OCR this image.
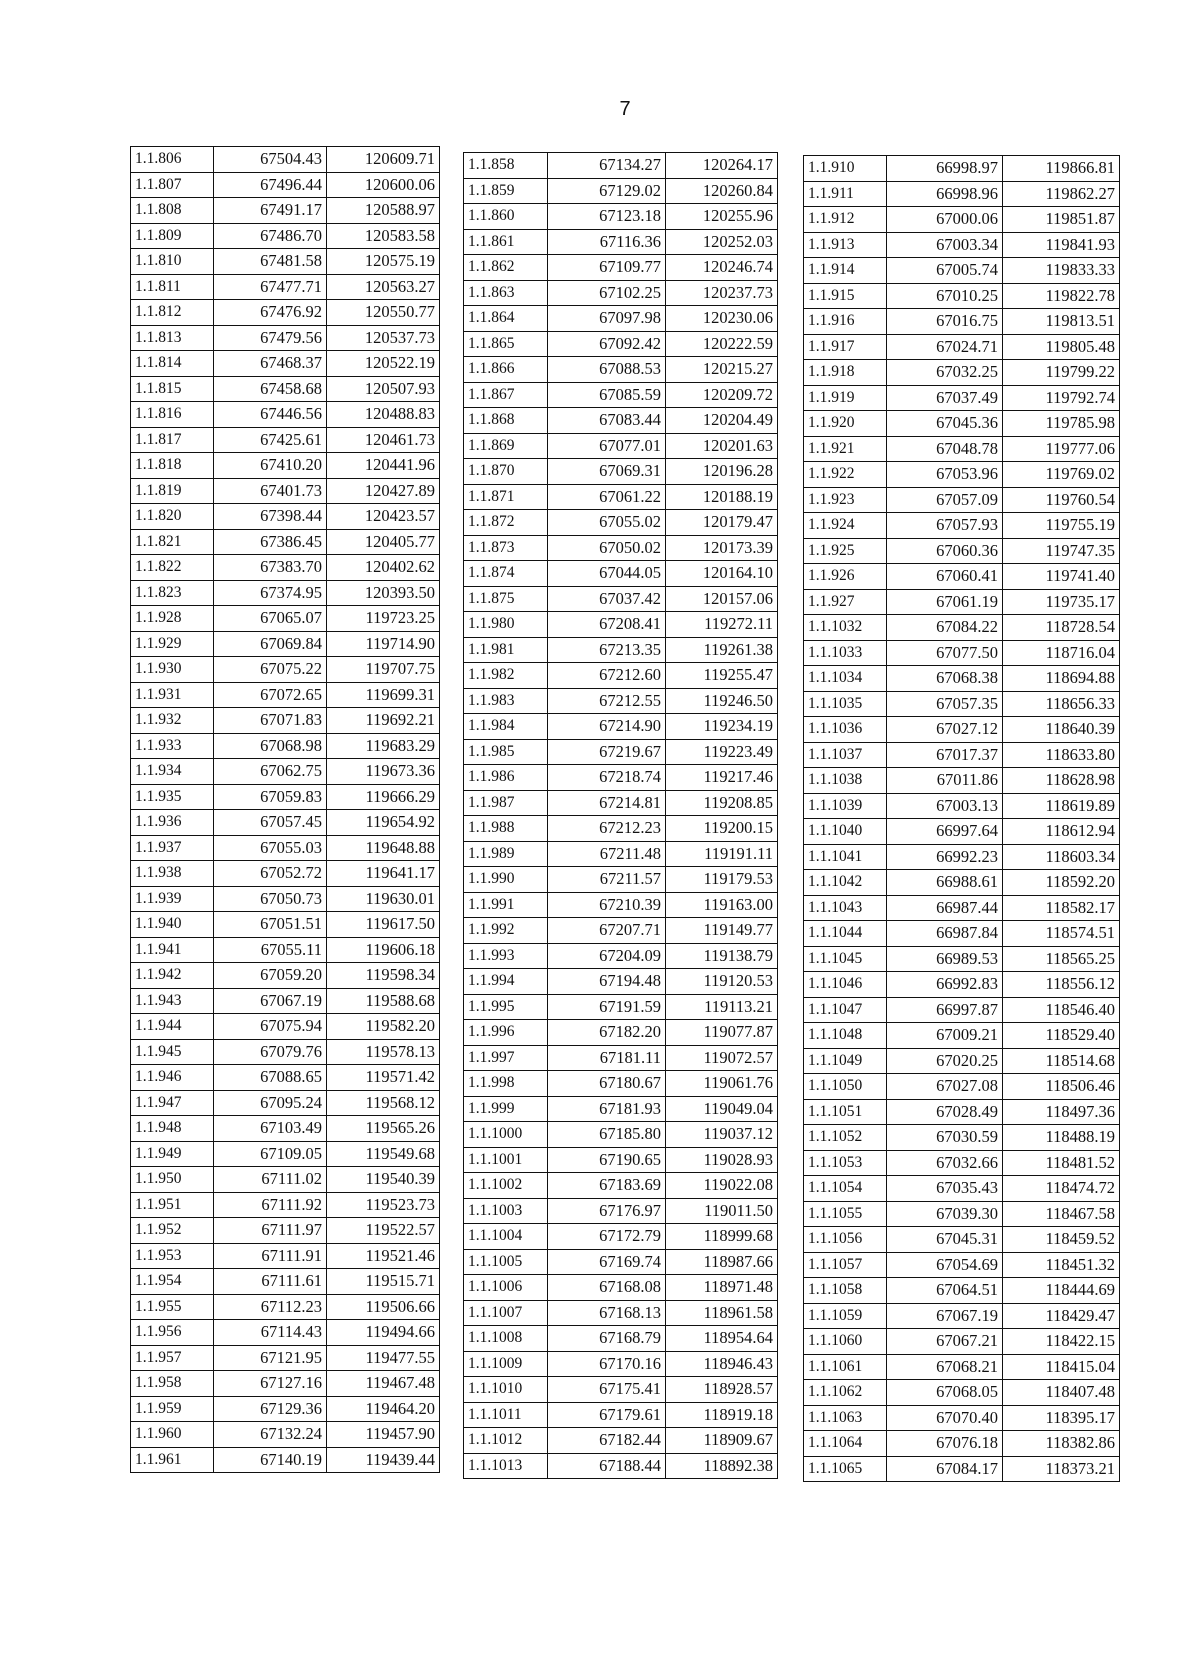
7
1.1.806	67504.43	120609.71
1.1.807	67496.44	120600.06
1.1.808	67491.17	120588.97
1.1.809	67486.70	120583.58
1.1.810	67481.58	120575.19
1.1.811	67477.71	120563.27
1.1.812	67476.92	120550.77
1.1.813	67479.56	120537.73
1.1.814	67468.37	120522.19
1.1.815	67458.68	120507.93
1.1.816	67446.56	120488.83
1.1.817	67425.61	120461.73
1.1.818	67410.20	120441.96
1.1.819	67401.73	120427.89
1.1.820	67398.44	120423.57
1.1.821	67386.45	120405.77
1.1.822	67383.70	120402.62
1.1.823	67374.95	120393.50
1.1.928	67065.07	119723.25
1.1.929	67069.84	119714.90
1.1.930	67075.22	119707.75
1.1.931	67072.65	119699.31
1.1.932	67071.83	119692.21
1.1.933	67068.98	119683.29
1.1.934	67062.75	119673.36
1.1.935	67059.83	119666.29
1.1.936	67057.45	119654.92
1.1.937	67055.03	119648.88
1.1.938	67052.72	119641.17
1.1.939	67050.73	119630.01
1.1.940	67051.51	119617.50
1.1.941	67055.11	119606.18
1.1.942	67059.20	119598.34
1.1.943	67067.19	119588.68
1.1.944	67075.94	119582.20
1.1.945	67079.76	119578.13
1.1.946	67088.65	119571.42
1.1.947	67095.24	119568.12
1.1.948	67103.49	119565.26
1.1.949	67109.05	119549.68
1.1.950	67111.02	119540.39
1.1.951	67111.92	119523.73
1.1.952	67111.97	119522.57
1.1.953	67111.91	119521.46
1.1.954	67111.61	119515.71
1.1.955	67112.23	119506.66
1.1.956	67114.43	119494.66
1.1.957	67121.95	119477.55
1.1.958	67127.16	119467.48
1.1.959	67129.36	119464.20
1.1.960	67132.24	119457.90
1.1.961	67140.19	119439.44
1.1.858	67134.27	120264.17
1.1.859	67129.02	120260.84
1.1.860	67123.18	120255.96
1.1.861	67116.36	120252.03
1.1.862	67109.77	120246.74
1.1.863	67102.25	120237.73
1.1.864	67097.98	120230.06
1.1.865	67092.42	120222.59
1.1.866	67088.53	120215.27
1.1.867	67085.59	120209.72
1.1.868	67083.44	120204.49
1.1.869	67077.01	120201.63
1.1.870	67069.31	120196.28
1.1.871	67061.22	120188.19
1.1.872	67055.02	120179.47
1.1.873	67050.02	120173.39
1.1.874	67044.05	120164.10
1.1.875	67037.42	120157.06
1.1.980	67208.41	119272.11
1.1.981	67213.35	119261.38
1.1.982	67212.60	119255.47
1.1.983	67212.55	119246.50
1.1.984	67214.90	119234.19
1.1.985	67219.67	119223.49
1.1.986	67218.74	119217.46
1.1.987	67214.81	119208.85
1.1.988	67212.23	119200.15
1.1.989	67211.48	119191.11
1.1.990	67211.57	119179.53
1.1.991	67210.39	119163.00
1.1.992	67207.71	119149.77
1.1.993	67204.09	119138.79
1.1.994	67194.48	119120.53
1.1.995	67191.59	119113.21
1.1.996	67182.20	119077.87
1.1.997	67181.11	119072.57
1.1.998	67180.67	119061.76
1.1.999	67181.93	119049.04
1.1.1000	67185.80	119037.12
1.1.1001	67190.65	119028.93
1.1.1002	67183.69	119022.08
1.1.1003	67176.97	119011.50
1.1.1004	67172.79	118999.68
1.1.1005	67169.74	118987.66
1.1.1006	67168.08	118971.48
1.1.1007	67168.13	118961.58
1.1.1008	67168.79	118954.64
1.1.1009	67170.16	118946.43
1.1.1010	67175.41	118928.57
1.1.1011	67179.61	118919.18
1.1.1012	67182.44	118909.67
1.1.1013	67188.44	118892.38
1.1.910	66998.97	119866.81
1.1.911	66998.96	119862.27
1.1.912	67000.06	119851.87
1.1.913	67003.34	119841.93
1.1.914	67005.74	119833.33
1.1.915	67010.25	119822.78
1.1.916	67016.75	119813.51
1.1.917	67024.71	119805.48
1.1.918	67032.25	119799.22
1.1.919	67037.49	119792.74
1.1.920	67045.36	119785.98
1.1.921	67048.78	119777.06
1.1.922	67053.96	119769.02
1.1.923	67057.09	119760.54
1.1.924	67057.93	119755.19
1.1.925	67060.36	119747.35
1.1.926	67060.41	119741.40
1.1.927	67061.19	119735.17
1.1.1032	67084.22	118728.54
1.1.1033	67077.50	118716.04
1.1.1034	67068.38	118694.88
1.1.1035	67057.35	118656.33
1.1.1036	67027.12	118640.39
1.1.1037	67017.37	118633.80
1.1.1038	67011.86	118628.98
1.1.1039	67003.13	118619.89
1.1.1040	66997.64	118612.94
1.1.1041	66992.23	118603.34
1.1.1042	66988.61	118592.20
1.1.1043	66987.44	118582.17
1.1.1044	66987.84	118574.51
1.1.1045	66989.53	118565.25
1.1.1046	66992.83	118556.12
1.1.1047	66997.87	118546.40
1.1.1048	67009.21	118529.40
1.1.1049	67020.25	118514.68
1.1.1050	67027.08	118506.46
1.1.1051	67028.49	118497.36
1.1.1052	67030.59	118488.19
1.1.1053	67032.66	118481.52
1.1.1054	67035.43	118474.72
1.1.1055	67039.30	118467.58
1.1.1056	67045.31	118459.52
1.1.1057	67054.69	118451.32
1.1.1058	67064.51	118444.69
1.1.1059	67067.19	118429.47
1.1.1060	67067.21	118422.15
1.1.1061	67068.21	118415.04
1.1.1062	67068.05	118407.48
1.1.1063	67070.40	118395.17
1.1.1064	67076.18	118382.86
1.1.1065	67084.17	118373.21
